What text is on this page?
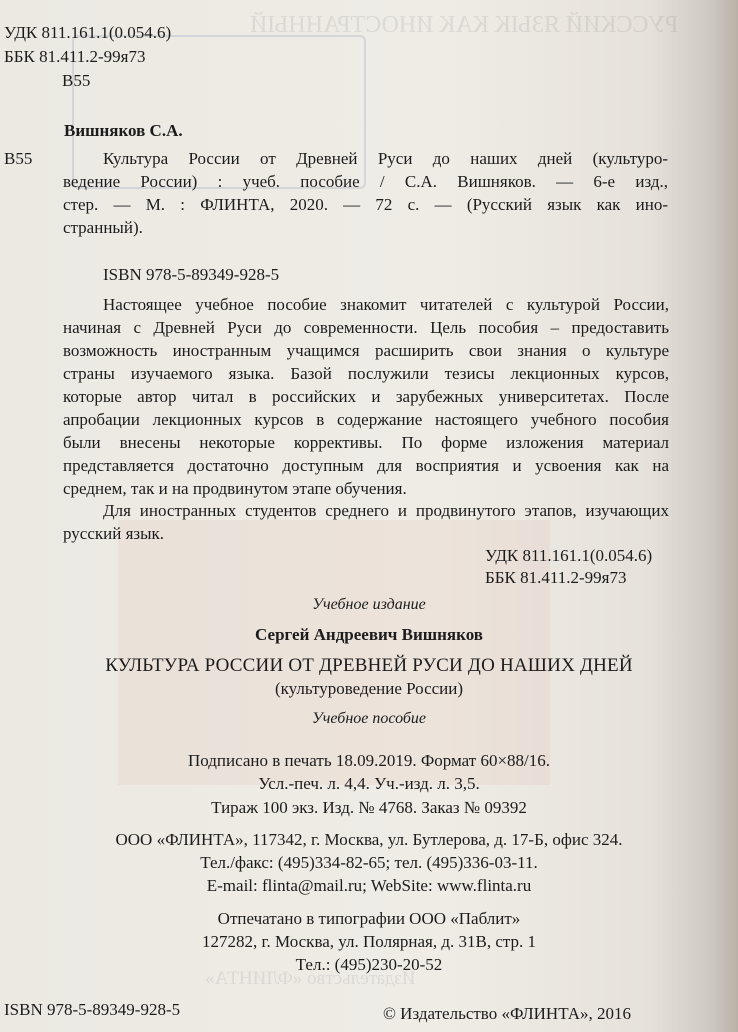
РУССКИЙ ЯЗЫК КАК ИНОСТРАННЫЙ
Издательство «ФЛИНТА»
УДК 811.161.1(0.054.6)
ББК 81.411.2-99я73
В55
Вишняков С.А.
В55	Культура России от Древней Руси до наших дней (культуро-
ведение России) : учеб. пособие / С.А. Вишняков. — 6-е изд.,
стер. — М. : ФЛИНТА, 2020. — 72 с. — (Русский язык как ино-
странный).
ISBN 978-5-89349-928-5
Настоящее учебное пособие знакомит читателей с культурой России,
начиная с Древней Руси до современности. Цель пособия – предоставить
возможность иностранным учащимся расширить свои знания о культуре
страны изучаемого языка. Базой послужили тезисы лекционных курсов,
которые автор читал в российских и зарубежных университетах. После
апробации лекционных курсов в содержание настоящего учебного пособия
были внесены некоторые коррективы. По форме изложения материал
представляется достаточно доступным для восприятия и усвоения как на
среднем, так и на продвинутом этапе обучения.
Для иностранных студентов среднего и продвинутого этапов, изучающих
русский язык.
УДК 811.161.1(0.054.6)
ББК 81.411.2-99я73
Учебное издание
Сергей Андреевич Вишняков
КУЛЬТУРА РОССИИ ОТ ДРЕВНЕЙ РУСИ ДО НАШИХ ДНЕЙ
(культуроведение России)
Учебное пособие
Подписано в печать 18.09.2019. Формат 60×88/16.
Усл.-печ. л. 4,4. Уч.-изд. л. 3,5.
Тираж 100 экз. Изд. № 4768. Заказ № 09392
ООО «ФЛИНТА», 117342, г. Москва, ул. Бутлерова, д. 17-Б, офис 324.
Тел./факс: (495)334-82-65; тел. (495)336-03-11.
E-mail: flinta@mail.ru; WebSite: www.flinta.ru
Отпечатано в типографии ООО «Паблит»
127282, г. Москва, ул. Полярная, д. 31В, стр. 1
Тел.: (495)230-20-52
ISBN 978-5-89349-928-5	© Издательство «ФЛИНТА», 2016
